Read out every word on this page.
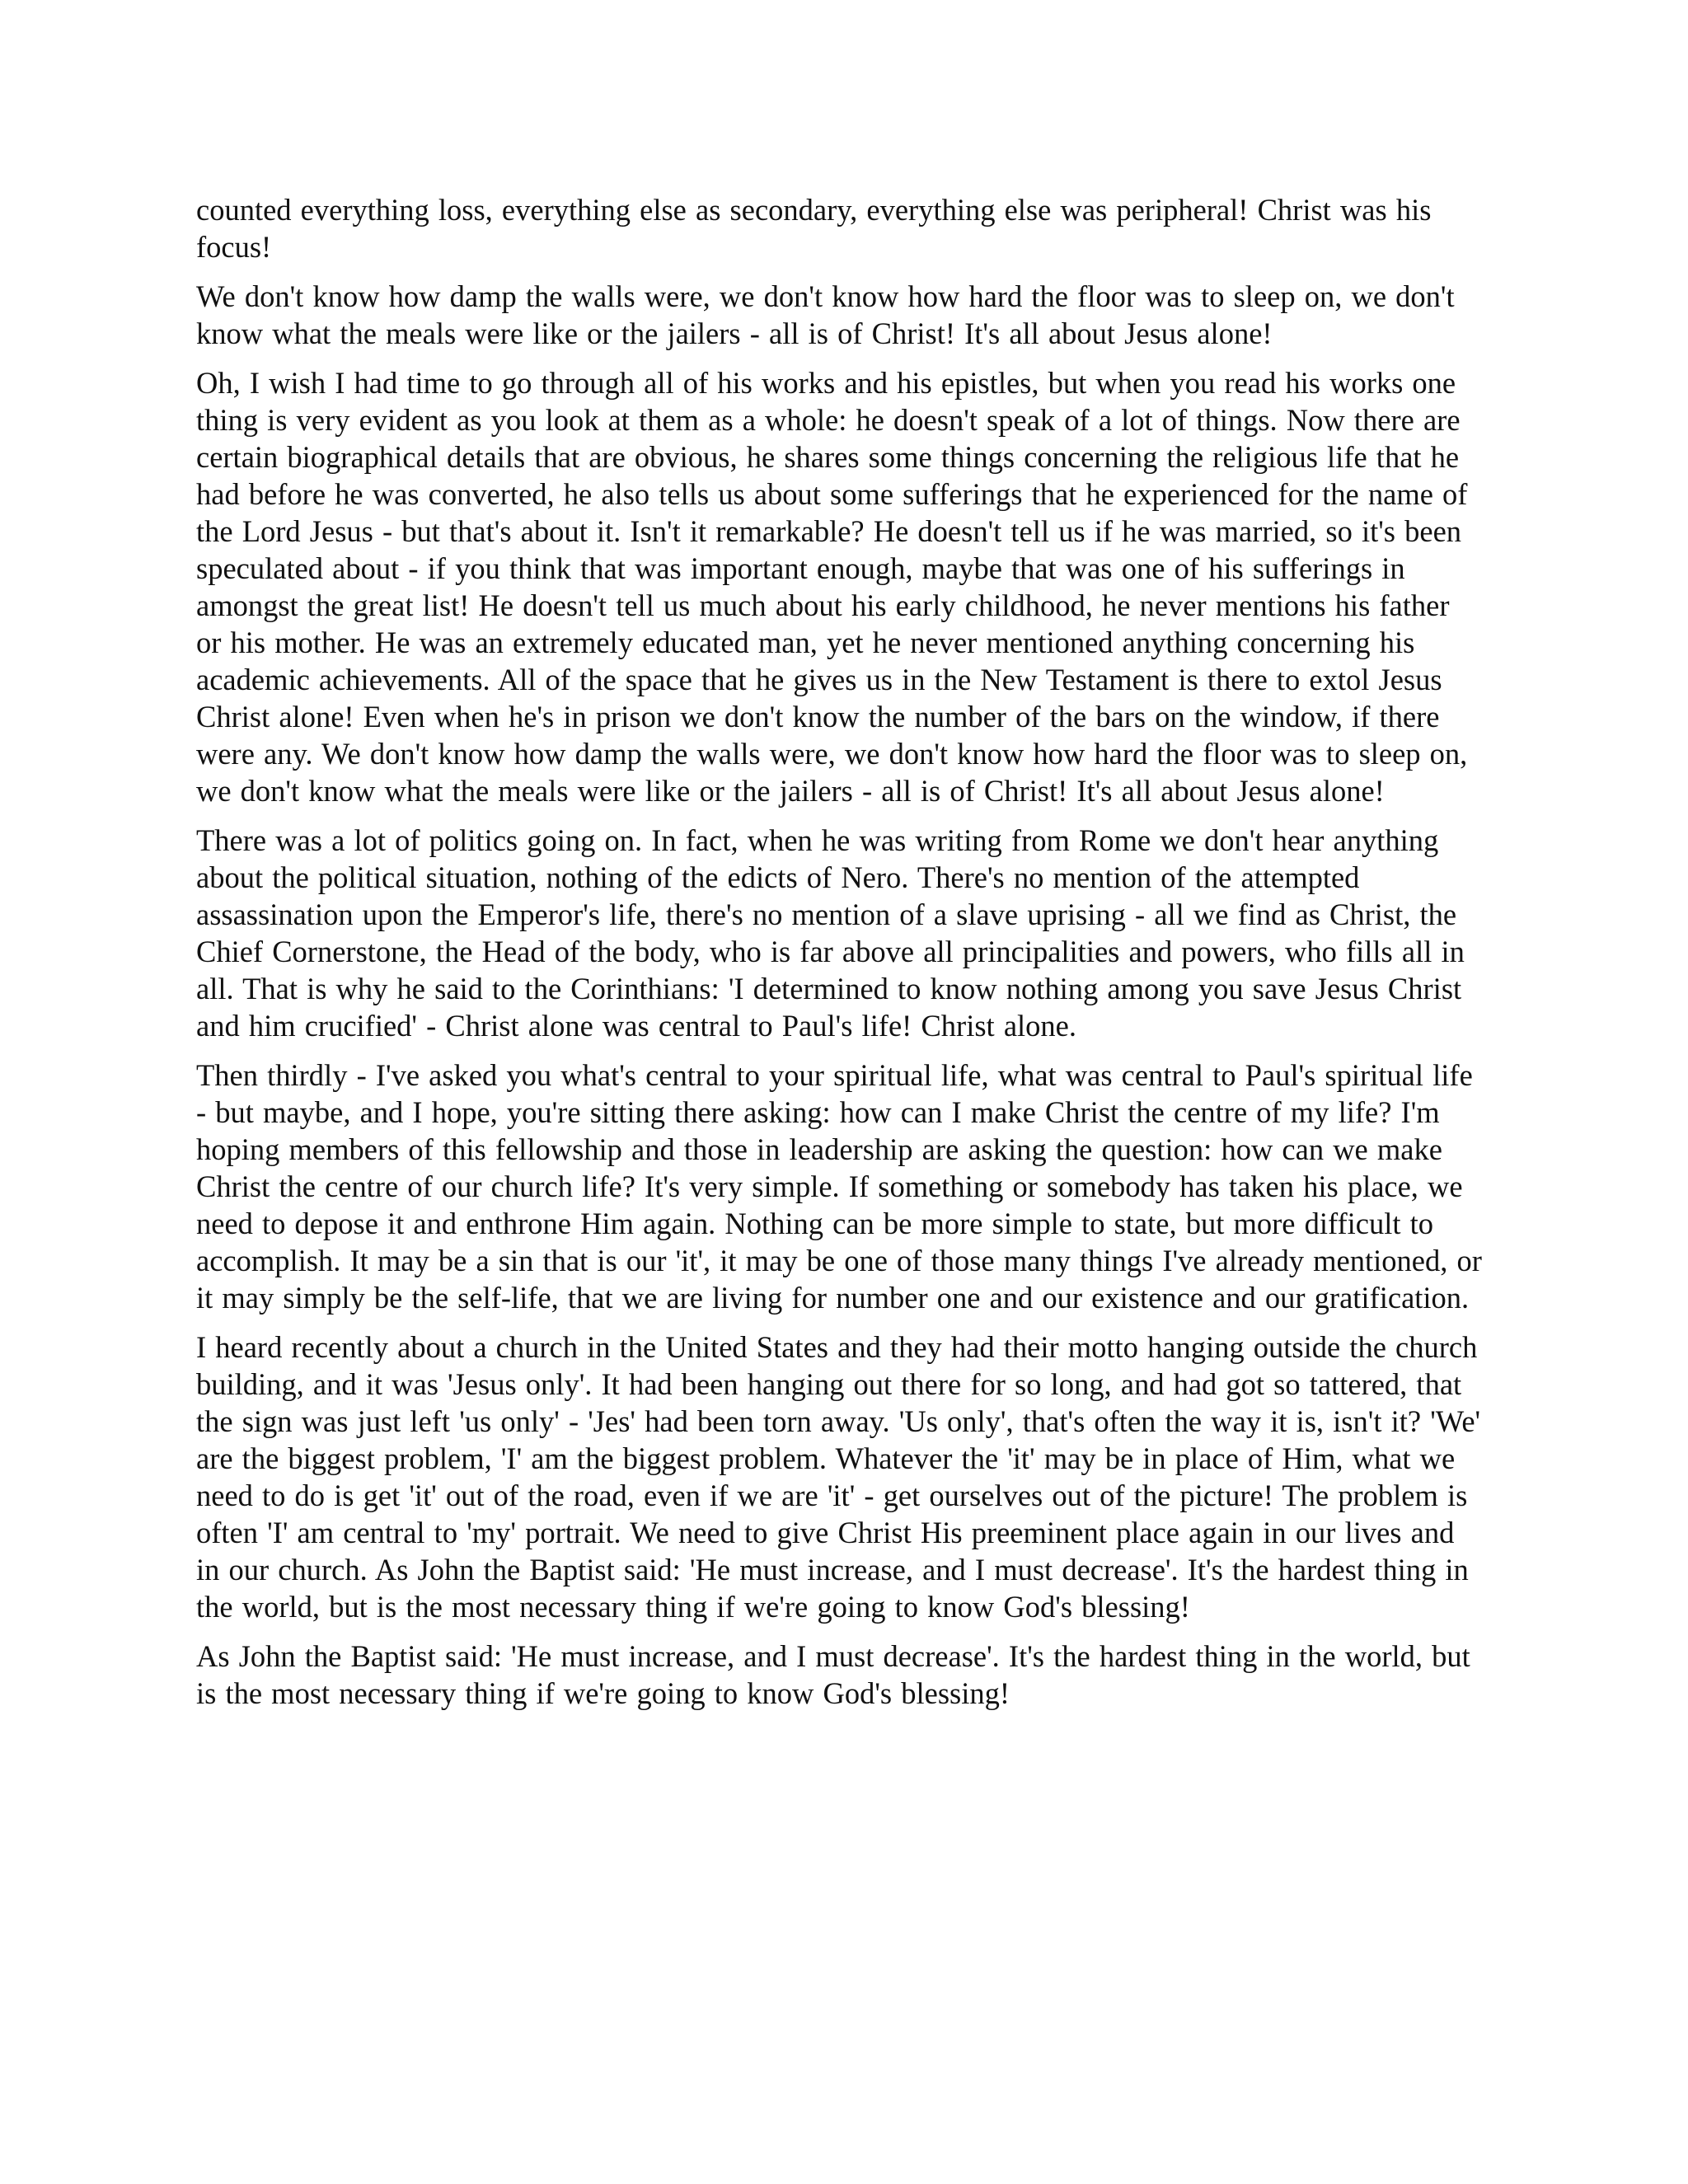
counted everything loss, everything else as secondary, everything else was peripheral! Christ was his focus!

We don't know how damp the walls were, we don't know how hard the floor was to sleep on, we don't know what the meals were like or the jailers - all is of Christ! It's all about Jesus alone!

Oh, I wish I had time to go through all of his works and his epistles, but when you read his works one thing is very evident as you look at them as a whole: he doesn't speak of a lot of things. Now there are certain biographical details that are obvious, he shares some things concerning the religious life that he had before he was converted, he also tells us about some sufferings that he experienced for the name of the Lord Jesus - but that's about it. Isn't it remarkable? He doesn't tell us if he was married, so it's been speculated about - if you think that was important enough, maybe that was one of his sufferings in amongst the great list! He doesn't tell us much about his early childhood, he never mentions his father or his mother. He was an extremely educated man, yet he never mentioned anything concerning his academic achievements. All of the space that he gives us in the New Testament is there to extol Jesus Christ alone! Even when he's in prison we don't know the number of the bars on the window, if there were any. We don't know how damp the walls were, we don't know how hard the floor was to sleep on, we don't know what the meals were like or the jailers - all is of Christ! It's all about Jesus alone!

There was a lot of politics going on. In fact, when he was writing from Rome we don't hear anything about the political situation, nothing of the edicts of Nero. There's no mention of the attempted assassination upon the Emperor's life, there's no mention of a slave uprising - all we find as Christ, the Chief Cornerstone, the Head of the body, who is far above all principalities and powers, who fills all in all. That is why he said to the Corinthians: 'I determined to know nothing among you save Jesus Christ and him crucified' - Christ alone was central to Paul's life! Christ alone.

Then thirdly - I've asked you what's central to your spiritual life, what was central to Paul's spiritual life - but maybe, and I hope, you're sitting there asking: how can I make Christ the centre of my life? I'm hoping members of this fellowship and those in leadership are asking the question: how can we make Christ the centre of our church life? It's very simple. If something or somebody has taken his place, we need to depose it and enthrone Him again. Nothing can be more simple to state, but more difficult to accomplish. It may be a sin that is our 'it', it may be one of those many things I've already mentioned, or it may simply be the self-life, that we are living for number one and our existence and our gratification.

I heard recently about a church in the United States and they had their motto hanging outside the church building, and it was 'Jesus only'. It had been hanging out there for so long, and had got so tattered, that the sign was just left 'us only' - 'Jes' had been torn away. 'Us only', that's often the way it is, isn't it? 'We' are the biggest problem, 'I' am the biggest problem. Whatever the 'it' may be in place of Him, what we need to do is get 'it' out of the road, even if we are 'it' - get ourselves out of the picture! The problem is often 'I' am central to 'my' portrait. We need to give Christ His preeminent place again in our lives and in our church. As John the Baptist said: 'He must increase, and I must decrease'. It's the hardest thing in the world, but is the most necessary thing if we're going to know God's blessing!

As John the Baptist said: 'He must increase, and I must decrease'. It's the hardest thing in the world, but is the most necessary thing if we're going to know God's blessing!
